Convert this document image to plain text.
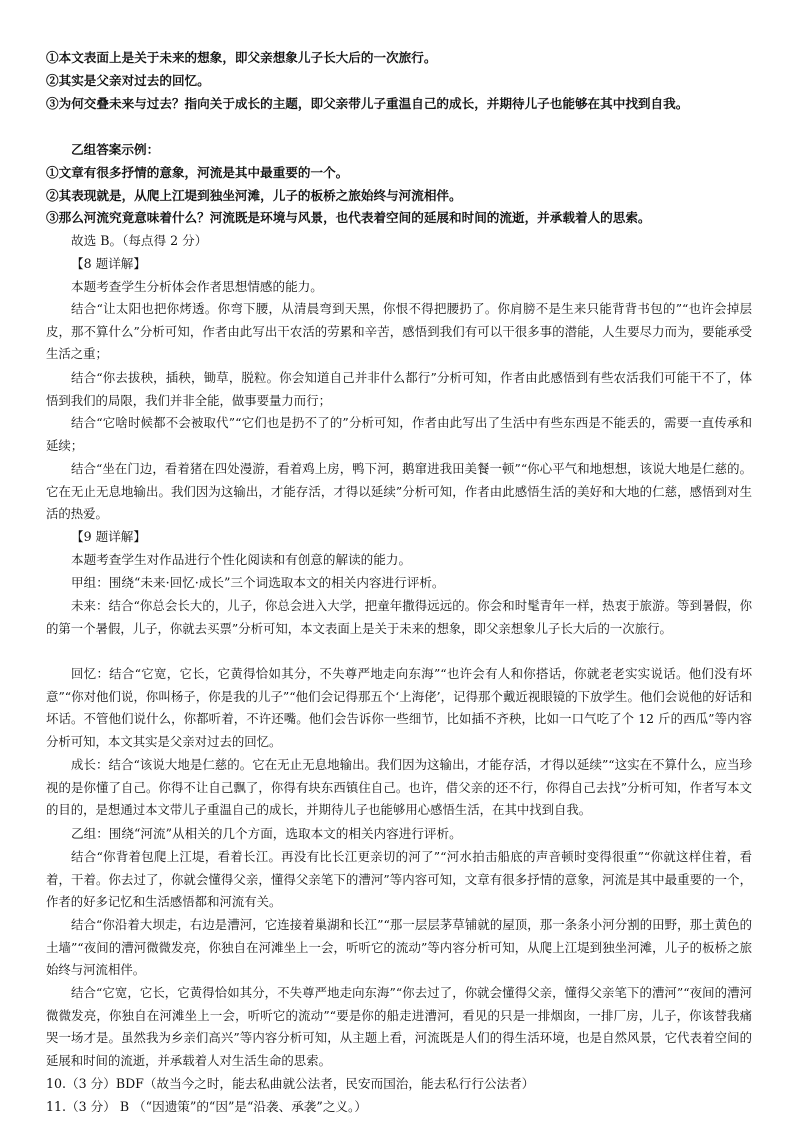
①本文表面上是关于未来的想象，即父亲想象儿子长大后的一次旅行。
②其实是父亲对过去的回忆。
③为何交叠未来与过去？指向关于成长的主题，即父亲带儿子重温自己的成长，并期待儿子也能够在其中找到自我。
乙组答案示例：
①文章有很多抒情的意象，河流是其中最重要的一个。
②其表现就是，从爬上江堤到独坐河滩，儿子的板桥之旅始终与河流相伴。
③那么河流究竟意味着什么？河流既是环境与风景，也代表着空间的延展和时间的流逝，并承载着人的思索。
故选 B。（每点得 2 分）
【8 题详解】
本题考查学生分析体会作者思想情感的能力。
结合“让太阳也把你烤透。你弯下腰，从清晨弯到天黑，你恨不得把腰扔了。你肩膀不是生来只能背背书包的”“也许会掉层皮，那不算什么”分析可知，作者由此写出干农活的劳累和辛苦，感悟到我们有可以干很多事的潜能，人生要尽力而为，要能承受生活之重；
结合“你去拔秧，插秧，锄草，脱粒。你会知道自己并非什么都行”分析可知，作者由此感悟到有些农活我们可能干不了，体悟到我们的局限，我们并非全能，做事要量力而行；
结合“它啥时候都不会被取代”“它们也是扔不了的”分析可知，作者由此写出了生活中有些东西是不能丢的，需要一直传承和延续；
结合“坐在门边，看着猪在四处漫游，看着鸡上房，鸭下河，鹅窜进我田美餐一顿”“你心平气和地想想，该说大地是仁慈的。它在无止无息地输出。我们因为这输出，才能存活，才得以延续”分析可知，作者由此感悟生活的美好和大地的仁慈，感悟到对生活的热爱。
【9 题详解】
本题考查学生对作品进行个性化阅读和有创意的解读的能力。
甲组：围绕“未来·回忆·成长”三个词选取本文的相关内容进行评析。
未来：结合“你总会长大的，儿子，你总会进入大学，把童年撒得远远的。你会和时髦青年一样，热衷于旅游。等到暑假，你的第一个暑假，儿子，你就去买票”分析可知，本文表面上是关于未来的想象，即父亲想象儿子长大后的一次旅行。
回忆：结合“它宽，它长，它黄得恰如其分，不失尊严地走向东海”“也许会有人和你搭话，你就老老实实说话。他们没有坏意”“你对他们说，你叫杨子，你是我的儿子”“他们会记得那五个‘上海佬’，记得那个戴近视眼镜的下放学生。他们会说他的好话和坏话。不管他们说什么，你都听着，不许还嘴。他们会告诉你一些细节，比如插不齐秧，比如一口气吃了个 12 斤的西瓜”等内容分析可知，本文其实是父亲对过去的回忆。
成长：结合“该说大地是仁慈的。它在无止无息地输出。我们因为这输出，才能存活，才得以延续”“这实在不算什么，应当珍视的是你懂了自己。你得不让自己飘了，你得有块东西镇住自己。也许，借父亲的还不行，你得自己去找”分析可知，作者写本文的目的，是想通过本文带儿子重温自己的成长，并期待儿子也能够用心感悟生活，在其中找到自我。
乙组：围绕“河流”从相关的几个方面，选取本文的相关内容进行评析。
结合“你背着包爬上江堤，看着长江。再没有比长江更亲切的河了”“河水拍击船底的声音顿时变得很重”“你就这样住着，看着，干着。你去过了，你就会懂得父亲，懂得父亲笔下的漕河”等内容可知，文章有很多抒情的意象，河流是其中最重要的一个，作者的好多记忆和生活感悟都和河流有关。
结合“你沿着大坝走，右边是漕河，它连接着巢湖和长江”“那一层层茅草铺就的屋顶，那一条条小河分割的田野，那土黄色的土墙”“夜间的漕河微微发亮，你独自在河滩坐上一会，听听它的流动”等内容分析可知，从爬上江堤到独坐河滩，儿子的板桥之旅始终与河流相伴。
结合“它宽，它长，它黄得恰如其分，不失尊严地走向东海”“你去过了，你就会懂得父亲，懂得父亲笔下的漕河”“夜间的漕河微微发亮，你独自在河滩坐上一会，听听它的流动”“要是你的船走进漕河，看见的只是一排烟囱，一排厂房，儿子，你该替我痛哭一场才是。虽然我为乡亲们高兴”等内容分析可知，从主题上看，河流既是人们的得生活环境，也是自然风景，它代表着空间的延展和时间的流逝，并承载着人对生活生命的思索。
10.（3 分）BDF（故当今之时，能去私曲就公法者，民安而国治，能去私行行公法者）
11.（3 分） B （“因遗策”的“因”是“沿袭、承袭”之义。）
